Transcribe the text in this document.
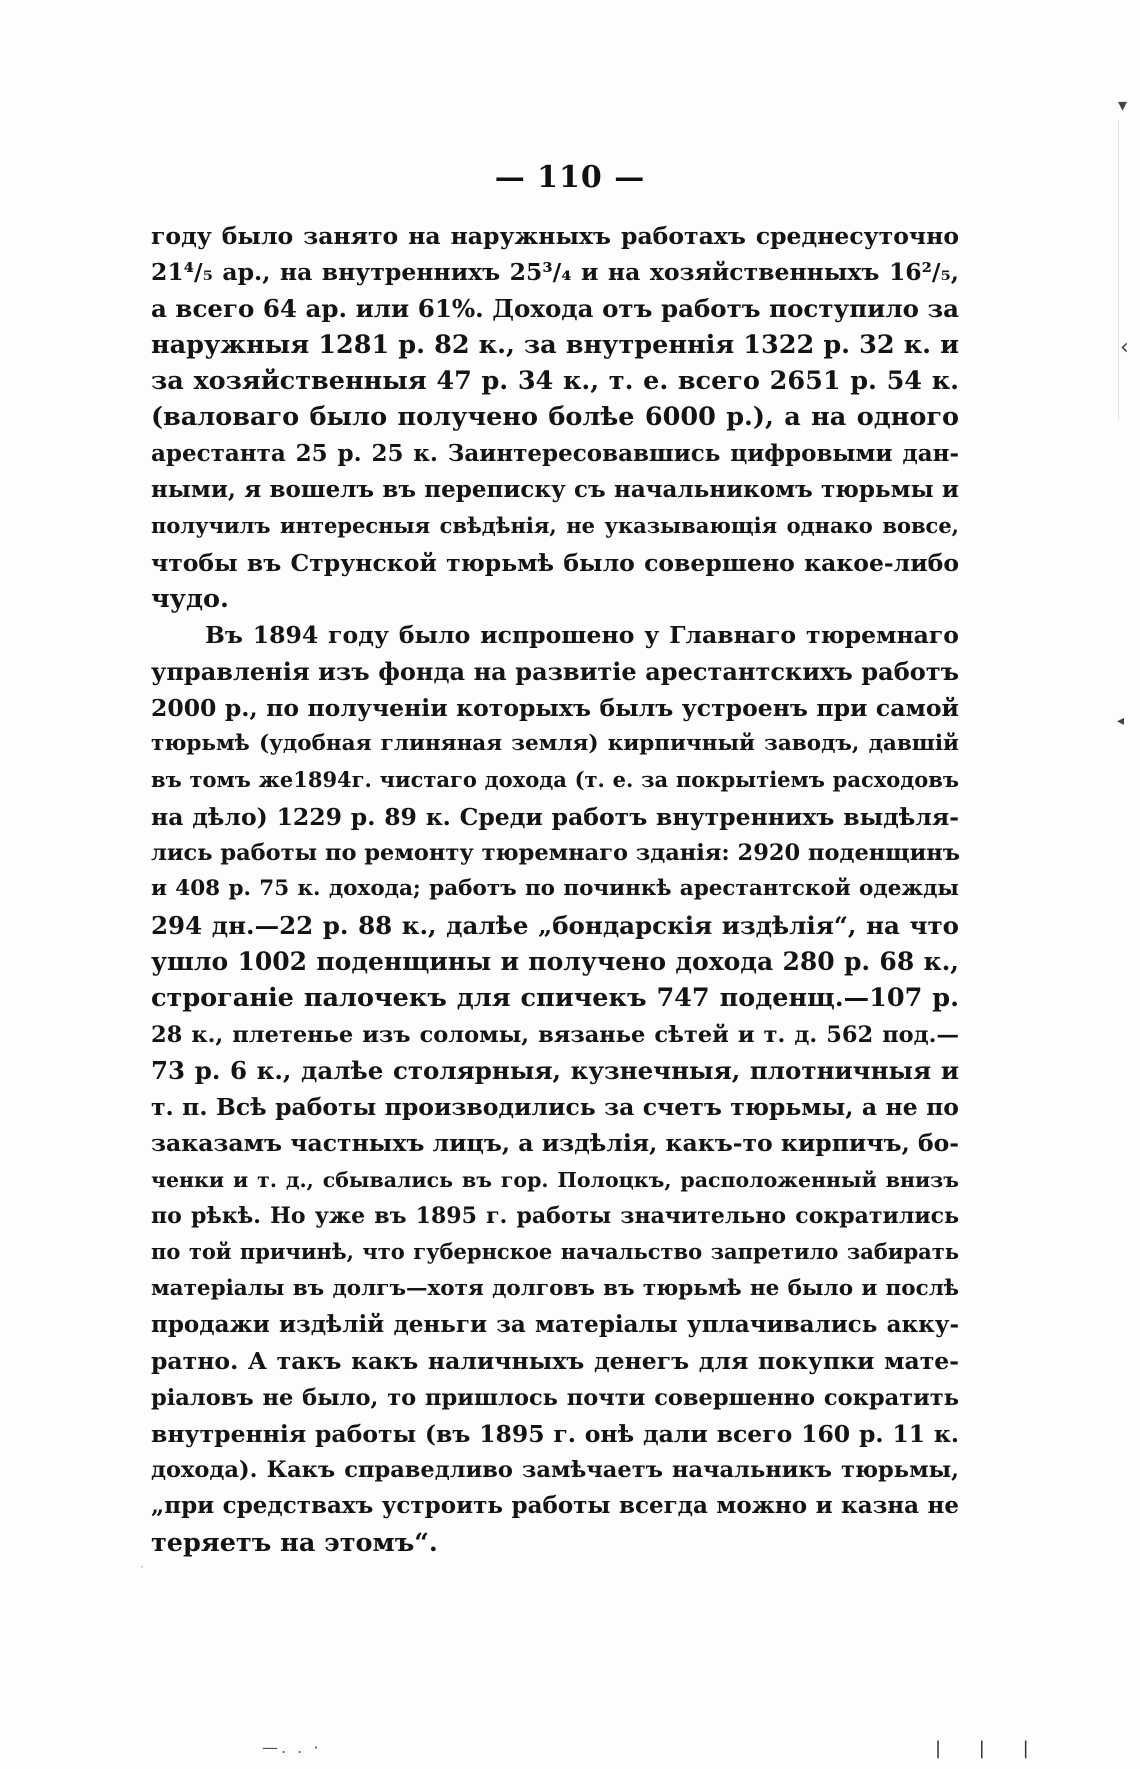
▾
‹
◂
·
— 110 —
году было занято на наружныхъ работахъ среднесуточно
21⁴/₅ ар., на внутреннихъ 25³/₄ и на хозяйственныхъ 16²/₅,
а всего 64 ар. или 61%. Дохода отъ работъ поступило за
наружныя 1281 р. 82 к., за внутреннія 1322 р. 32 к. и
за хозяйственныя 47 р. 34 к., т. е. всего 2651 р. 54 к.
(валоваго было получено болѣе 6000 р.), а на одного
арестанта 25 р. 25 к. Заинтересовавшись цифровыми дан-
ными, я вошелъ въ переписку съ начальникомъ тюрьмы и
получилъ интересныя свѣдѣнія, не указывающія однако вовсе,
чтобы въ Струнской тюрьмѣ было совершено какое-либо
чудо.
Въ 1894 году было испрошено у Главнаго тюремнаго
управленія изъ фонда на развитіе арестантскихъ работъ
2000 р., по полученіи которыхъ былъ устроенъ при самой
тюрьмѣ (удобная глиняная земля) кирпичный заводъ, давшій
въ томъ же1894г. чистаго дохода (т. е. за покрытіемъ расходовъ
на дѣло) 1229 р. 89 к. Среди работъ внутреннихъ выдѣля-
лись работы по ремонту тюремнаго зданія: 2920 поденщинъ
и 408 р. 75 к. дохода; работъ по починкѣ арестантской одежды
294 дн.—22 р. 88 к., далѣе „бондарскія издѣлія“, на что
ушло 1002 поденщины и получено дохода 280 р. 68 к.,
строганіе палочекъ для спичекъ 747 поденщ.—107 р.
28 к., плетенье изъ соломы, вязанье сѣтей и т. д. 562 под.—
73 р. 6 к., далѣе столярныя, кузнечныя, плотничныя и
т. п. Всѣ работы производились за счетъ тюрьмы, а не по
заказамъ частныхъ лицъ, а издѣлія, какъ-то кирпичъ, бо-
ченки и т. д., сбывались въ гор. Полоцкъ, расположенный внизъ
по рѣкѣ. Но уже въ 1895 г. работы значительно сократились
по той причинѣ, что губернское начальство запретило забирать
матеріалы въ долгъ—хотя долговъ въ тюрьмѣ не было и послѣ
продажи издѣлій деньги за матеріалы уплачивались акку-
ратно. А такъ какъ наличныхъ денегъ для покупки мате-
ріаловъ не было, то пришлось почти совершенно сократить
внутреннія работы (въ 1895 г. онѣ дали всего 160 р. 11 к.
дохода). Какъ справедливо замѣчаетъ начальникъ тюрьмы,
„при средствахъ устроить работы всегда можно и казна не
теряетъ на этомъ“.
—. . ·	| | |
